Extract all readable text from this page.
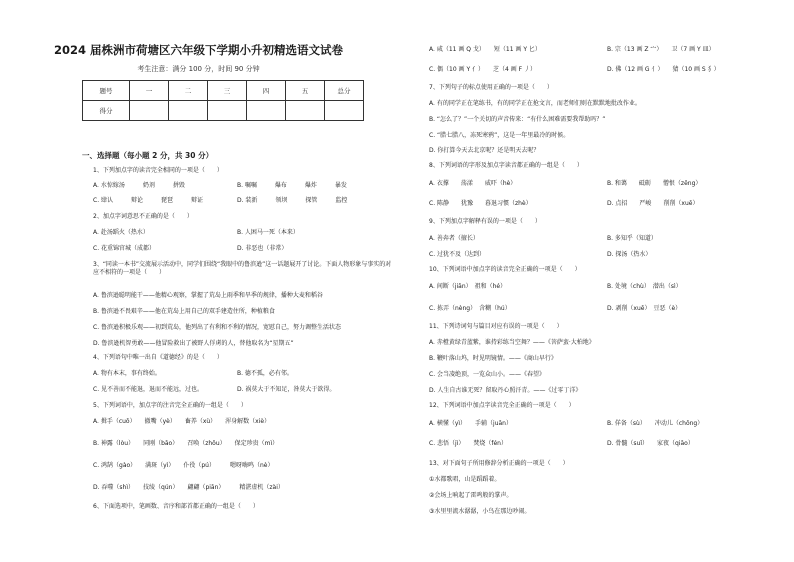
2024 届株洲市荷塘区六年级下学期小升初精选语文试卷
考生注意：满分 100 分，时间 90 分钟
题号	一	二	三	四	五	总分
得分						
一、选择题（每小题 2 分，共 30 分）
1、下列加点字的读音完全相同的一项是（　　）
A. 水惊嫁汤　　　奶剂　　　拼毁	B. 嘱嘱　　　爆布　　　爆炸　　　暴发
C. 肆认　　　辩论　　　琵琶　　　辩证	D. 装新　　　领坝　　　探管　　　监控
2、加点字词意思不正确的是（　　）
A. 赴汤蹈火（热水）	B. 人困马一死（本来）
C. 花重锦官城（成都）	D. 非恶也（非常）
3、“同读一本书”交流展示活动中，同学们围绕“我眼中的鲁滨逊”这一话题展开了讨论。下面人物形象与事实的对应不相符的一项是（　　）
A. 鲁滨逊聪明能干——他精心观察，掌握了荒岛上雨季和旱季的规律，播种大麦和稻谷
B. 鲁滨逊不畏艰辛——他在荒岛上用自己的双手建造住所，种植粮食
C. 鲁滨逊积极乐观——初到荒岛，他列出了有利和不利的情况，宽慰自己，努力调整生活状态
D. 鲁滨逊机智勇敢——他冒险救出了被野人俘虏的人，替他取名为“星期五”
4、下列语句中唯一出自《道德经》的是（　　）
A. 物有本末，事有终始。	B. 德不孤，必有邻。
C. 见不善而不能退，退而不能远，过也。	D. 祸莫大于不知足，咎莫大于欲得。
5、下列词语中，加点字的注音完全正确的一组是（　　）
A. 揖手（cuō）　　撤嘴（yè）　　畜养（xù）　　浑身解数（xiè）
B. 神露（lòu）　　同刚（bāo）　　召唤（zhōu）　　保定珍贵（mì）
C. 鸿鹄（gào）　　满斑（yì）　　仆役（pú）　　　嗯呀嗨鸣（nè）
D. 吞噬（shì）　　技绫（qún）　　翩翩（piān）　　　精湛虚机（zài）
6、下面选项中，笔画数、音序和部首都正确的一组是（　　）
A. 咸（11 画 Q 戈）　　短（11 画 Y 匕）	B. 宗（13 画 Z 宀）　　卫（7 画 Y 皿）
C. 偶（10 画 Y 亻）　　芝（4 画 F 丿）	D. 佛（12 画 G 亻）　　猜（10 画 S 犭）
7、下列句子的标点使用正确的一项是（　　）
A. 有的同学正在笔练书，有的同学正在抢文言，而老师们则在默默地批改作业。
B. “怎么了？”一个关切的声音传来：“有什么困难需要我帮助吗？”
C. “腊七腊八，冻死寒鸦”，这是一年里最冷的时候。
D. 你打算今天去北京呢？还是明天去呢？
8、下列词语的字形及加点字读音都正确的一组是（　　）
A. 衣撑　　荡漾　　威吓（hè）	B. 和蔼　　砥砺　　憎恨（zēng）
C. 陈静　　犹豫　　暮退习惯（zhè）	D. 点招　　严峻　　削削（xuē）
9、下列加点字解释有误的一项是（　　）
A. 善奔者（擅长）	B. 多知乎（知道）
C. 过犹不及（达到）	D. 探汤（热水）
10、下列词语中加点字的读音完全正确的一项是（　　）
A. 间断（jiān）　祖和（hé）	B. 处境（chù）　潜出（sì）
C. 拣弄（nèng）　含糊（hú）	D. 剥削（xuē）　豆恶（è）
11、下列诗词句与篇目对应有误的一项是（　　）
A. 赤橙黄绿青蓝紫，谁持彩练当空舞？——《菩萨蛮·大柏地》
B. 鞭叶落山坞，时见明镜情。——《商山早行》
C. 会当凌绝顶，一览众山小。——《春望》
D. 人生自古谁无死？留取丹心照汗青。——《过零丁洋》
12、下列词语中加点字读音完全正确的一项是（　　）
A. 横懂（yì）　　手辅（juān）	B. 佯备（sù）　　冲动儿（chōng）
C. 悲悟（jì）　　焚烧（fén）	D. 骨髓（suǐ）　　家夜（qiāo）
13、对下面句子所用修辞分析正确的一项是（　　）
①水都歌唱，山是蹈蹈着。
②会场上响起了雷鸣般的掌声。
③水里里流水潺潺，小鸟在那边吵闹。
